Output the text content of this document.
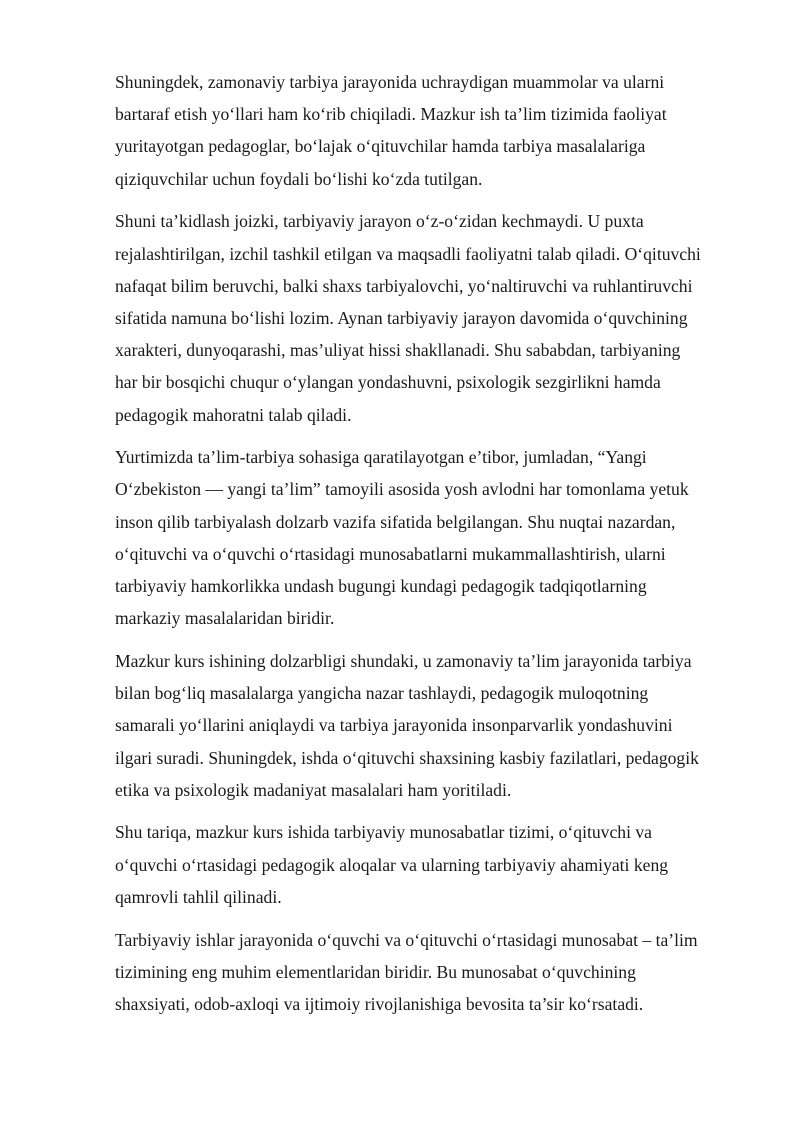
Shuningdek, zamonaviy tarbiya jarayonida uchraydigan muammolar va ularni
bartaraf etish yo‘llari ham ko‘rib chiqiladi. Mazkur ish ta’lim tizimida faoliyat
yuritayotgan pedagoglar, bo‘lajak o‘qituvchilar hamda tarbiya masalalariga
qiziquvchilar uchun foydali bo‘lishi ko‘zda tutilgan.

Shuni ta’kidlash joizki, tarbiyaviy jarayon o‘z-o‘zidan kechmaydi. U puxta
rejalashtirilgan, izchil tashkil etilgan va maqsadli faoliyatni talab qiladi. O‘qituvchi
nafaqat bilim beruvchi, balki shaxs tarbiyalovchi, yo‘naltiruvchi va ruhlantiruvchi
sifatida namuna bo‘lishi lozim. Aynan tarbiyaviy jarayon davomida o‘quvchining
xarakteri, dunyoqarashi, mas’uliyat hissi shakllanadi. Shu sababdan, tarbiyaning
har bir bosqichi chuqur o‘ylangan yondashuvni, psixologik sezgirlikni hamda
pedagogik mahoratni talab qiladi.

Yurtimizda ta’lim-tarbiya sohasiga qaratilayotgan e’tibor, jumladan, “Yangi
O‘zbekiston — yangi ta’lim” tamoyili asosida yosh avlodni har tomonlama yetuk
inson qilib tarbiyalash dolzarb vazifa sifatida belgilangan. Shu nuqtai nazardan,
o‘qituvchi va o‘quvchi o‘rtasidagi munosabatlarni mukammallashtirish, ularni
tarbiyaviy hamkorlikka undash bugungi kundagi pedagogik tadqiqotlarning
markaziy masalalaridan biridir.

Mazkur kurs ishining dolzarbligi shundaki, u zamonaviy ta’lim jarayonida tarbiya
bilan bog‘liq masalalarga yangicha nazar tashlaydi, pedagogik muloqotning
samarali yo‘llarini aniqlaydi va tarbiya jarayonida insonparvarlik yondashuvini
ilgari suradi. Shuningdek, ishda o‘qituvchi shaxsining kasbiy fazilatlari, pedagogik
etika va psixologik madaniyat masalalari ham yoritiladi.

Shu tariqa, mazkur kurs ishida tarbiyaviy munosabatlar tizimi, o‘qituvchi va
o‘quvchi o‘rtasidagi pedagogik aloqalar va ularning tarbiyaviy ahamiyati keng
qamrovli tahlil qilinadi.

Tarbiyaviy ishlar jarayonida o‘quvchi va o‘qituvchi o‘rtasidagi munosabat – ta’lim
tizimining eng muhim elementlaridan biridir. Bu munosabat o‘quvchining
shaxsiyati, odob-axloqi va ijtimoiy rivojlanishiga bevosita ta’sir ko‘rsatadi.
